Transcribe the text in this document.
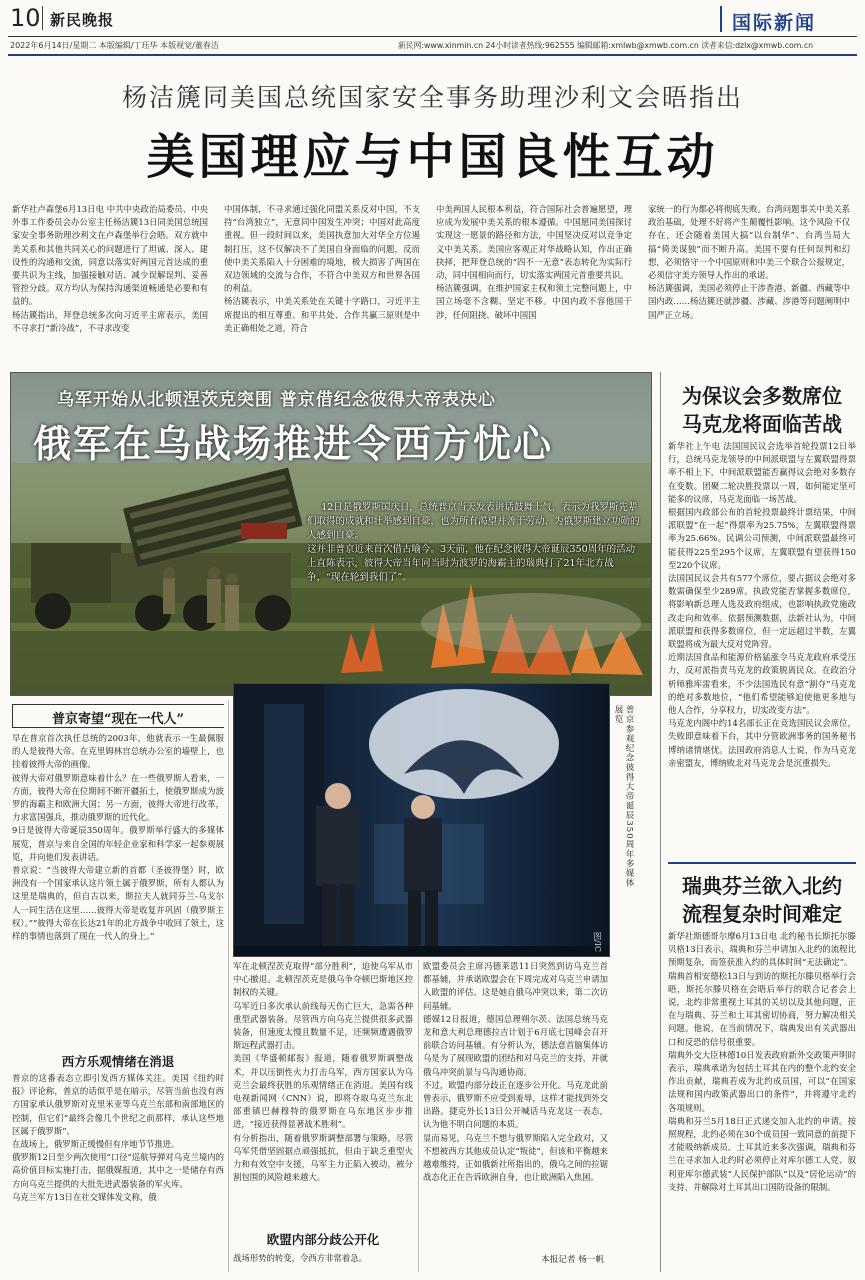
10 新民晚报	国际新闻
2022年6月14日/星期二 本版编辑/丁珏华 本版视觉/董春洁	新民网:www.xinmin.cn 24小时读者热线:962555 编辑邮箱:xmlwb@xmwb.com.cn 读者来信:dzlx@xmwb.com.cn
杨洁篪同美国总统国家安全事务助理沙利文会晤指出
美国理应与中国良性互动
新华社卢森堡6月13日电 中共中央政治局委员、中央外事工作委员会办公室主任杨洁篪13日同美国总统国家安全事务助理沙利文在卢森堡举行会晤。双方就中美关系和其他共同关心的问题进行了坦诚、深入、建设性的沟通和交流，同意以落实好两国元首达成的重要共识为主线，加强接触对话、减少误解误判、妥善管控分歧。双方均认为保持沟通渠道畅通是必要和有益的。
杨洁篪指出，拜登总统多次向习近平主席表示，美国不寻求打“新冷战”，不寻求改变
中国体制，不寻求通过强化同盟关系反对中国，不支持“台湾独立”，无意同中国发生冲突；中国对此高度重视。但一段时间以来，美国执意加大对华全方位遏制打压，这不仅解决不了美国自身面临的问题，反而使中美关系陷入十分困难的境地，极大损害了两国在双边领域的交流与合作，不符合中美双方和世界各国的利益。
杨洁篪表示，中美关系处在关键十字路口，习近平主席提出的相互尊重、和平共处、合作共赢三原则是中美正确相处之道，符合
中美两国人民根本利益，符合国际社会普遍愿望，理应成为发展中美关系的根本遵循。中国愿同美国探讨实现这一愿景的路径和方法，中国坚决反对以竞争定义中美关系。美国应客观正对华战略认知，作出正确抉择，把拜登总统的“四不一无意”表态转化为实际行动，同中国相向而行，切实落实两国元首重要共识。
杨洁篪强调，在维护国家主权和领土完整问题上，中国立场毫不含糊、坚定不移。中国内政不容他国干涉，任何阻挠、破坏中国国
家统一的行为都必将彻底失败。台湾问题事关中美关系政治基础，处理不好将产生颠覆性影响。这个风险不仅存在，还会随着美国大搞“以台制华”、台湾当局大搞“倚美谋独”而不断升高。美国不要有任何误判和幻想，必须恪守一个中国原则和中美三个联合公报规定，必须信守美方领导人作出的承诺。
杨洁篪强调，美国必须停止干涉香港、新疆、西藏等中国内政……杨洁篪还就涉疆、涉藏、涉港等问题阐明中国严正立场。
乌军开始从北顿涅茨克突围 普京借纪念彼得大帝表决心
俄军在乌战场推进令西方忧心
12日是俄罗斯国庆日，总统普京当天发表讲话鼓舞士气，表示为我罗斯先辈们取得的成就和壮举感到自豪，也为所有渴望并善于劳动、为俄罗斯建立功勋的人感到自豪。
这并非普京近来首次借古喻今。3天前，他在纪念彼得大帝诞辰350周年的活动上直陈表示，彼得大帝当年同当时为波罗的海霸主的瑞典打了21年北方战争，“现在轮到我们了”。
图/IC
普京参观纪念彼得大帝诞辰350周年多媒体展览
普京寄望“现在一代人”
早在普京首次执任总统的2003年，他就表示一生最佩服的人是彼得大帝。在克里姆林宫总统办公室的墙壁上，也挂着彼得大帝的画像。
彼得大帝对俄罗斯意味着什么？在一些俄罗斯人看来，一方面，彼得大帝在位期间不断开疆拓土，使俄罗斯成为波罗的海霸主和欧洲大国；另一方面，彼得大帝进行改革，力求富国强兵，推动俄罗斯的近代化。
9日是彼得大帝诞辰350周年。俄罗斯举行盛大的多媒体展览，普京与来自全国的年轻企业家和科学家一起参观展览，并向他们发表讲话。
普京说：“当彼得大帝建立新的首都（圣彼得堡）时，欧洲没有一个国家承认这片领土属于俄罗斯，所有人都认为这里是瑞典的，但自古以来，斯拉夫人就同芬兰-乌戈尔人一同生活在这里……彼得大帝是收复并巩固（俄罗斯主权）。”“彼得大帝在长达21年的北方战争中收回了领土，这样的事情也落到了现在一代人的身上。”
西方乐观情绪在消退
普京的这番表态立即引发西方媒体关注。美国《纽约时报》评论称，普京的话似乎是在暗示，尽管当前也没有西方国家承认俄罗斯对克里米亚等乌克兰东部和南部地区的控制，但它们“最终会像几个世纪之前那样，承认这些地区属于俄罗斯”。
在战场上，俄罗斯正缓慢但有序地节节推进。
俄罗斯12日至少两次使用“口径”巡航导弹对乌克兰境内的高价值目标实施打击，据俄媒报道，其中之一是储存有西方向乌克兰提供的大批先进武器装备的军火库。
乌克兰军方13日在社交媒体发文称，俄
军在北顿涅茨克取得“部分胜利”，迫使乌军从市中心撤退。北顿涅茨克是俄乌争夺顿巴斯地区控制权的关键。
乌军近日多次承认前线每天伤亡巨大，急需各种重型武器装备。尽管西方向乌克兰提供很多武器装备，但速度太慢且数量不足，还频频遭遇俄罗斯远程武器打击。
美国《华盛顿邮报》报道，随着俄罗斯调整战术，并以压倒性火力打击乌军，西方国家认为乌克兰会最终获胜的乐观情绪正在消退。美国有线电视新闻网（CNN）说，即将夺取乌克兰东北部重镇巴赫穆特的俄罗斯在乌东地区步步推进，“接近获得显著战术胜利”。
有分析指出，随着俄罗斯调整部署与策略，尽管乌军凭借坚固据点顽强抵抗，但由于缺乏重型火力和有效空中支援，乌军主力正陷入被动，被分割包围的风险越来越大。
欧盟内部分歧公开化
战场形势的转变，令西方非常着急。
欧盟委员会主席冯德莱恩11日突然到访乌克兰首都基辅，并承诺欧盟会在下周完成对乌克兰申请加入欧盟的评估。这是她自俄乌冲突以来，第二次访问基辅。
德媒12日报道，德国总理朔尔茨、法国总统马克龙和意大利总理德拉吉计划于6月底七国峰会召开前联合访问基辅。有分析认为，德法意首脑集体访乌是为了展现欧盟的团结和对乌克兰的支持，并就俄乌冲突前景与乌沟通协商。
不过，欧盟内部分歧正在逐步公开化。马克龙此前曾表示，俄罗斯不应受到羞辱，这样才能找到外交出路。捷克外长13日公开喊话马克龙这一表态，认为他不明白问题的本质。
显而易见，乌克兰不想与俄罗斯陷入完全政对，又不想被西方其他成员认定“叛徒”，但该和平衡越来越难维持，正如俄新社所指出的，俄乌之间的拉锯战态化正在告诉欧洲自身，也让欧洲陷入焦困。
本报记者 杨一帆
为保议会多数席位
马克龙将面临苦战
新华社上午电 法国国民议会选举首轮投票12日举行，总统马克龙领导的中间派联盟与左翼联盟得票率不相上下，中间派联盟能否赢得议会绝对多数存在变数。团聚二轮决胜投票以一周，如何能定坚可能多的议席，马克龙面临一场苦战。
根据国内政部公布的首轮投票最终计票结果，中间派联盟“在一起”得票率为25.75%，左翼联盟得票率为25.66%。民调公司预测，中间派联盟最终可能获得225至295个议席，左翼联盟有望获得150至220个议席。
法国国民议会共有577个席位，要占据议会绝对多数需确保至少289席。执政党能否掌握多数席位，将影响新总理人选及政府组成，也影响执政党施政改走向和效率。依据预测数据，法新社认为，中间派联盟和获得多数席位，但一定远超过半数，左翼联盟将成为最大反对党阵营。
近期法国食品和能源价格猛涨令马克龙政府承受压力，反对派指责马克龙的政策脱离民众。在政治分析师雅库雷看来，不少法国选民有意“割夺”马克龙的绝对多数地位，“他们希望能够迫使他更多地与他人合作，分享权力，切实改变方法”。
马克龙内阁中约14名部长正在竞选国民议会席位，失败即意味着下台，其中分管欧洲事务的国务秘书博纳诸情堪忧。法国政府消息人士说，作为马克龙亲密盟友，博纳败北对马克龙会是沉重损失。
瑞典芬兰欲入北约
流程复杂时间难定
新华社斯德哥尔摩6月13日电 北约秘书长斯托尔滕贝格13日表示，瑞典和芬兰申请加入北约的流程比预期复杂，而签获准入约的具体时间“无法确定”。
瑞典首相安德松13日与到访的斯托尔滕贝格举行会晤，斯托尔滕贝格在会晤后举行的联合记者会上说，北约非常重视土耳其的关切以及其他问题，正在与瑞典、芬兰和土耳其密切协商，努力解决相关问题。他说，在当前情况下，瑞典发出有关武器出口和反恐的信号很重要。
瑞典外交大臣林德10日发表政府新外交政策声明时表示，瑞典承诺为包括土耳其在内的整个北约安全作出贡献，瑞典若成为北约成员国，可以“在国家法规和国内政策武器出口的条件”，并将遵守北约各项规则。
瑞典和芬兰5月18日正式递交加入北约的申请。按照规程，北约必须在30个成员国一致同意的前提下才能吸纳新成员。土耳其近来多次强调，瑞典和芬兰在寻求加入北约时必须停止对库尔德工人党、叙利亚库尔德武装“人民保护部队”以及“居伦运动”的支持，并解除对土耳其出口国防设备的限制。
